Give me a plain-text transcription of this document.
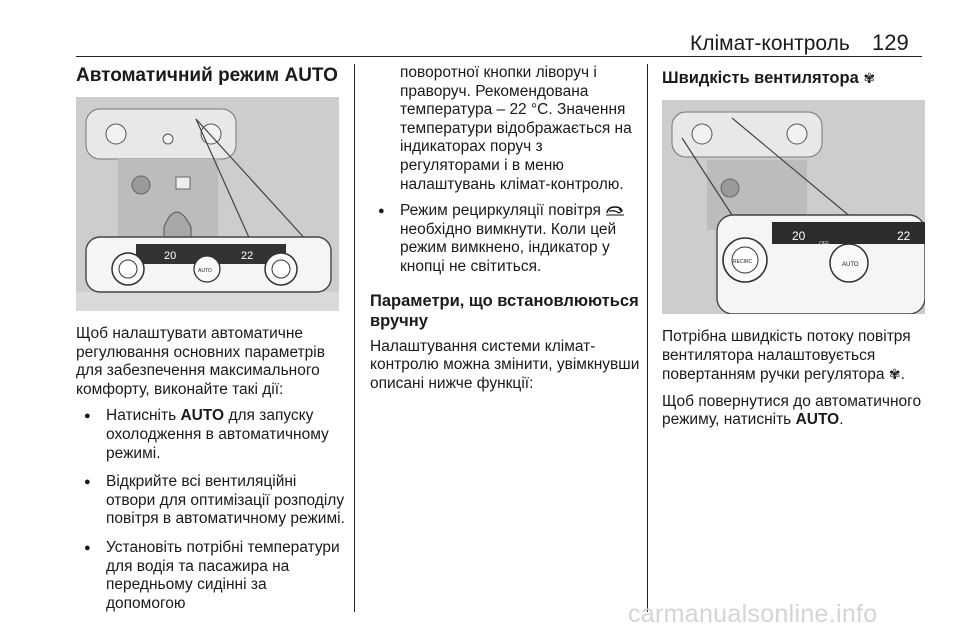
Клімат-контроль 129
Автоматичний режим AUTO
20	22
AUTO

Щоб налаштувати автоматичне регулювання основних параметрів для забезпечення максимального комфорту, виконайте такі дії:

● Натисніть AUTO для запуску охолодження в автоматичному режимі.
● Відкрийте всі вентиляційні отвори для оптимізації розподілу повітря в автоматичному режимі.
● Установіть потрібні температури для водія та пасажира на передньому сидінні за допомогою

поворотної кнопки ліворуч і праворуч. Рекомендована температура – 22 °C. Значення температури відображається на індикаторах поруч з регуляторами і в меню налаштувань клімат-контролю.

● Режим рециркуляції повітря  необхідно вимкнути. Коли цей режим вимкнено, індикатор у кнопці не світиться.
Параметри, що встановлюються вручну

Налаштування системи клімат-контролю можна змінити, увімкнувши описані нижче функції:

Швидкість вентилятора ✾
20	22
OFF
AUTO
RECIRC

Потрібна швидкість потоку повітря вентилятора налаштовується повертанням ручки регулятора ✾.

Щоб повернутися до автоматичного режиму, натисніть AUTO.

carmanualsonline.info
